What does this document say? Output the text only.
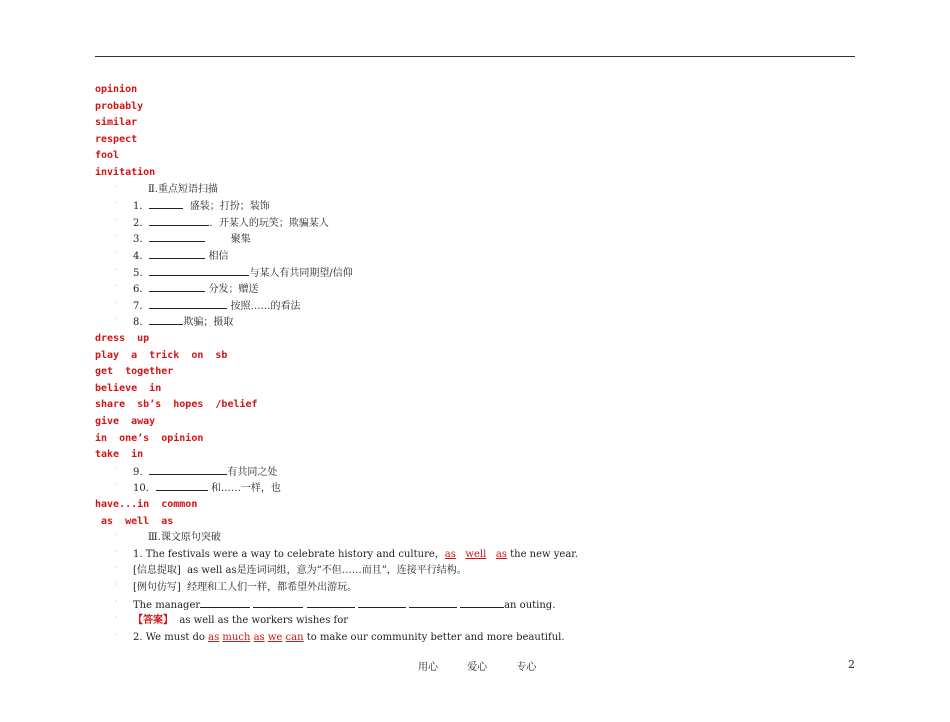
opinion
probably
similar
respect
fool
invitation
◦	Ⅱ.重点短语扫描
◦ 1．	盛装；打扮；装饰
◦ 2．	.  开某人的玩笑；欺骗某人
◦ 3．	聚集
◦ 4．	相信
◦ 5．	与某人有共同期望/信仰
◦ 6．	分发；赠送
◦ 7．	按照……的看法
◦ 8．	欺骗；摄取
dress  up
play  a  trick  on  sb
get  together
believe  in
share  sb’s  hopes  /belief
give  away
in  one’s  opinion
take  in
◦ 9．	有共同之处
◦ 10．	和……一样，也
have...in  common
as  well  as
◦	Ⅲ.课文原句突破
◦ 1. The festivals were a way to celebrate history and culture，as well as the new year.
◦ [信息提取]  as well as是连词词组，意为“不但……而且”，连接平行结构。
◦ [例句仿写]  经理和工人们一样，都希望外出游玩。
◦ The manager	an outing.
◦ 【答案】  as well as the workers wishes for
◦ 2. We must do as much as we can to make our community better and more beautiful.
用心	爱心	专心	2
